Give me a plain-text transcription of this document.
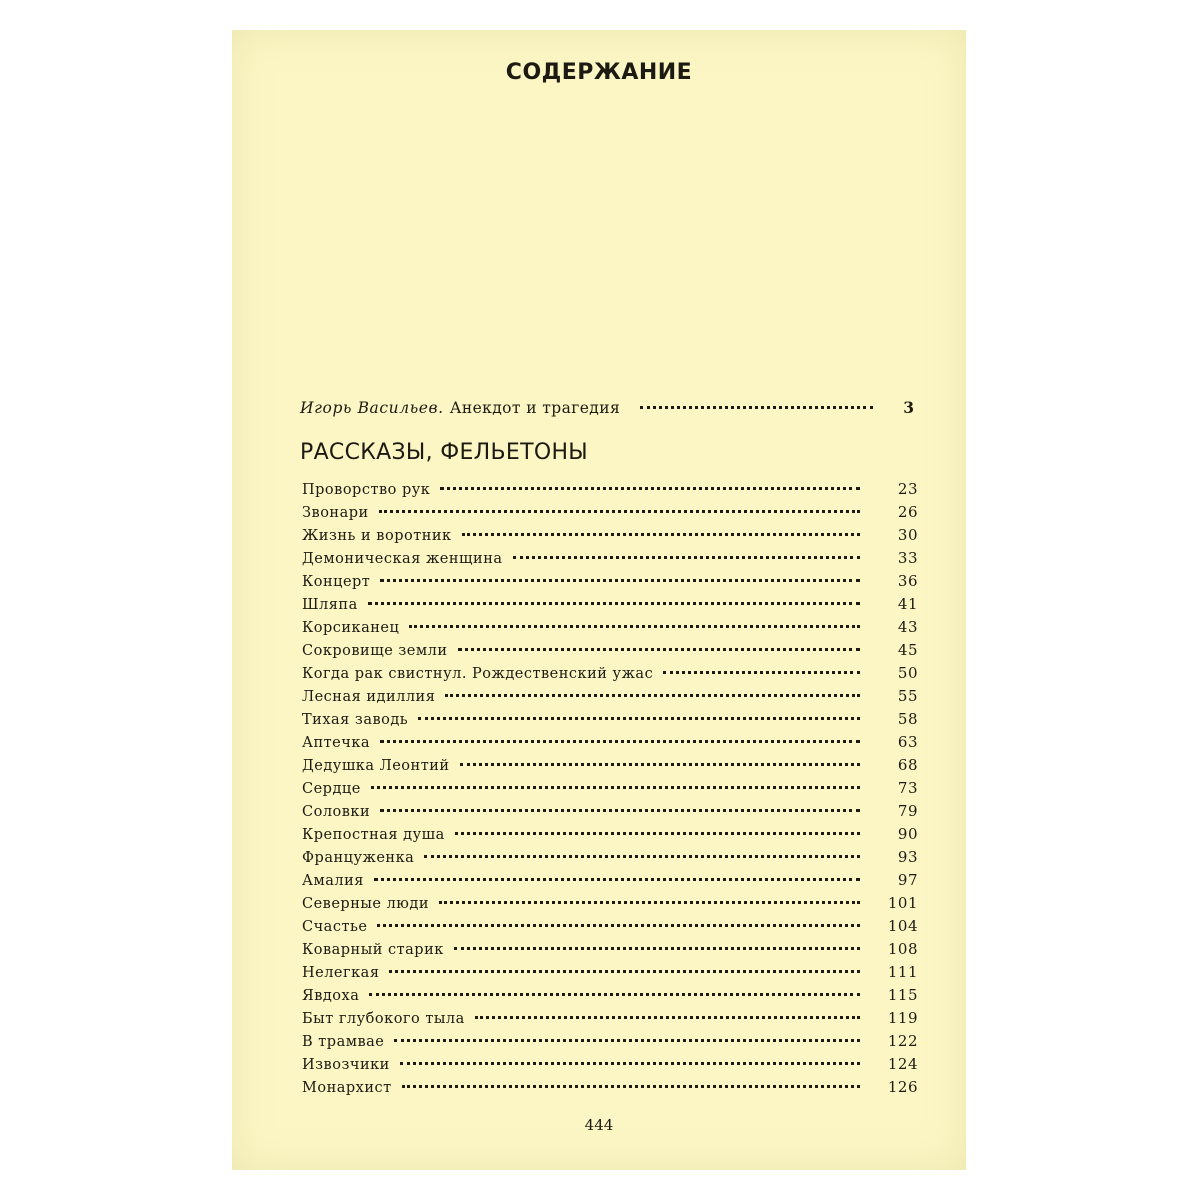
СОДЕРЖАНИЕ
Игорь Васильев. Анекдот и трагедия	3
РАССКАЗЫ, ФЕЛЬЕТОНЫ
Проворство рук	23
Звонари	26
Жизнь и воротник	30
Демоническая женщина	33
Концерт	36
Шляпа	41
Корсиканец	43
Сокровище земли	45
Когда рак свистнул. Рождественский ужас	50
Лесная идиллия	55
Тихая заводь	58
Аптечка	63
Дедушка Леонтий	68
Сердце	73
Соловки	79
Крепостная душа	90
Француженка	93
Амалия	97
Северные люди	101
Счастье	104
Коварный старик	108
Нелегкая	111
Явдоха	115
Быт глубокого тыла	119
В трамвае	122
Извозчики	124
Монархист	126
444
